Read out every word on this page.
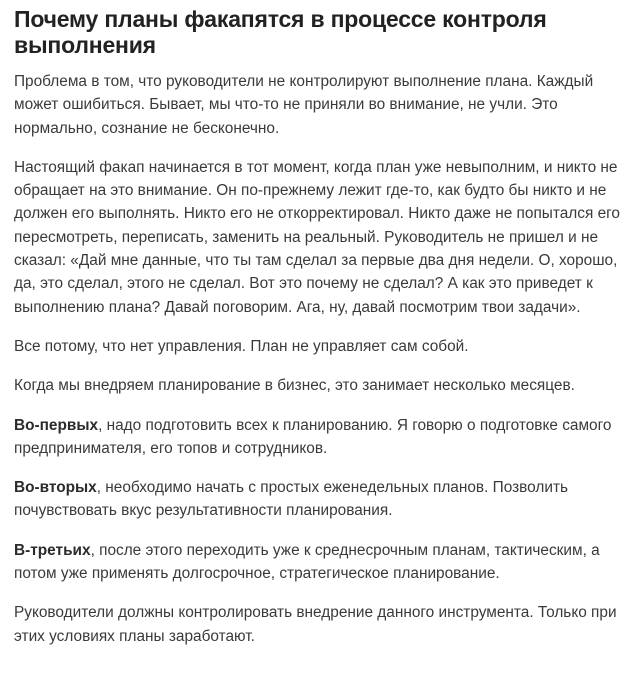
Почему планы факапятся в процессе контроля выполнения

Проблема в том, что руководители не контролируют выполнение плана. Каждый может ошибиться. Бывает, мы что-то не приняли во внимание, не учли. Это нормально, сознание не бесконечно.

Настоящий факап начинается в тот момент, когда план уже невыполним, и никто не обращает на это внимание. Он по-прежнему лежит где-то, как будто бы никто и не должен его выполнять. Никто его не откорректировал. Никто даже не попытался его пересмотреть, переписать, заменить на реальный. Руководитель не пришел и не сказал: «Дай мне данные, что ты там сделал за первые два дня недели. О, хорошо, да, это сделал, этого не сделал. Вот это почему не сделал? А как это приведет к выполнению плана? Давай поговорим. Ага, ну, давай посмотрим твои задачи».

Все потому, что нет управления. План не управляет сам собой.

Когда мы внедряем планирование в бизнес, это занимает несколько месяцев.

Во-первых, надо подготовить всех к планированию. Я говорю о подготовке самого предпринимателя, его топов и сотрудников.

Во-вторых, необходимо начать с простых еженедельных планов. Позволить почувствовать вкус результативности планирования.

В-третьих, после этого переходить уже к среднесрочным планам, тактическим, а потом уже применять долгосрочное, стратегическое планирование.

Руководители должны контролировать внедрение данного инструмента. Только при этих условиях планы заработают.
